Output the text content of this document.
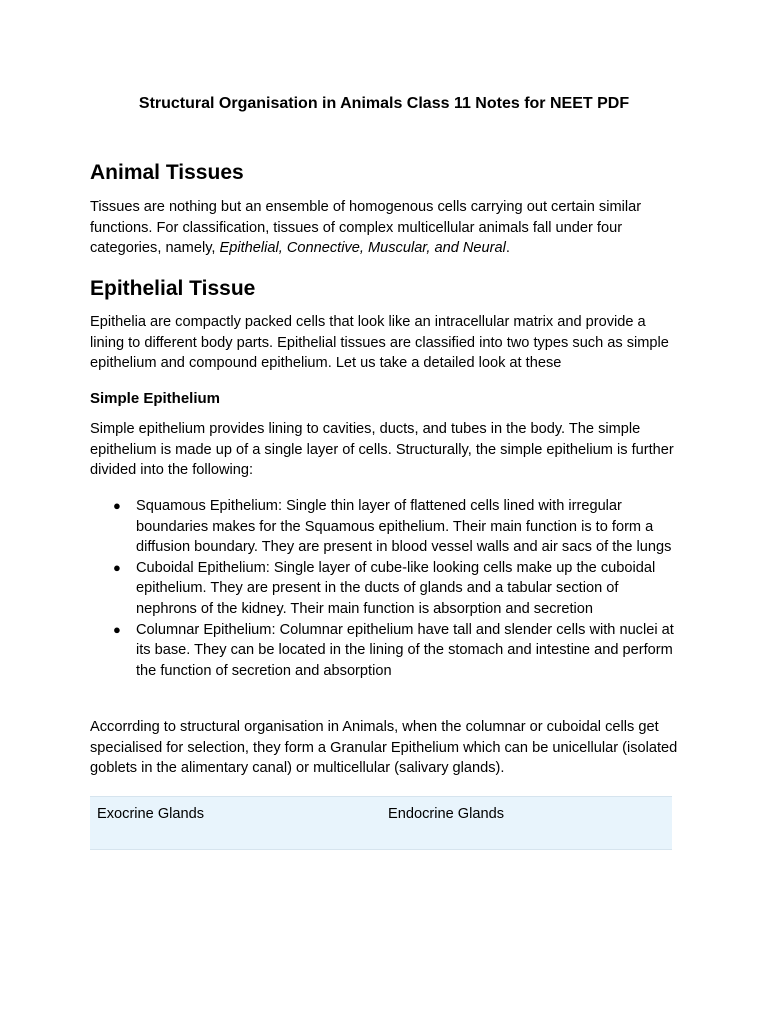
Structural Organisation in Animals Class 11 Notes for NEET PDF
Animal Tissues

Tissues are nothing but an ensemble of homogenous cells carrying out certain similar functions. For classification, tissues of complex multicellular animals fall under four categories, namely, Epithelial, Connective, Muscular, and Neural.

Epithelial Tissue

Epithelia are compactly packed cells that look like an intracellular matrix and provide a lining to different body parts. Epithelial tissues are classified into two types such as simple epithelium and compound epithelium. Let us take a detailed look at these

Simple Epithelium

Simple epithelium provides lining to cavities, ducts, and tubes in the body. The simple epithelium is made up of a single layer of cells. Structurally, the simple epithelium is further divided into the following:

● Squamous Epithelium: Single thin layer of flattened cells lined with irregular boundaries makes for the Squamous epithelium. Their main function is to form a diffusion boundary. They are present in blood vessel walls and air sacs of the lungs
● Cuboidal Epithelium: Single layer of cube-like looking cells make up the cuboidal epithelium. They are present in the ducts of glands and a tabular section of nephrons of the kidney. Their main function is absorption and secretion
● Columnar Epithelium: Columnar epithelium have tall and slender cells with nuclei at its base. They can be located in the lining of the stomach and intestine and perform the function of secretion and absorption

Accorrding to structural organisation in Animals, when the columnar or cuboidal cells get specialised for selection, they form a Granular Epithelium which can be unicellular (isolated goblets in the alimentary canal) or multicellular (salivary glands).

Exocrine Glands	Endocrine Glands
